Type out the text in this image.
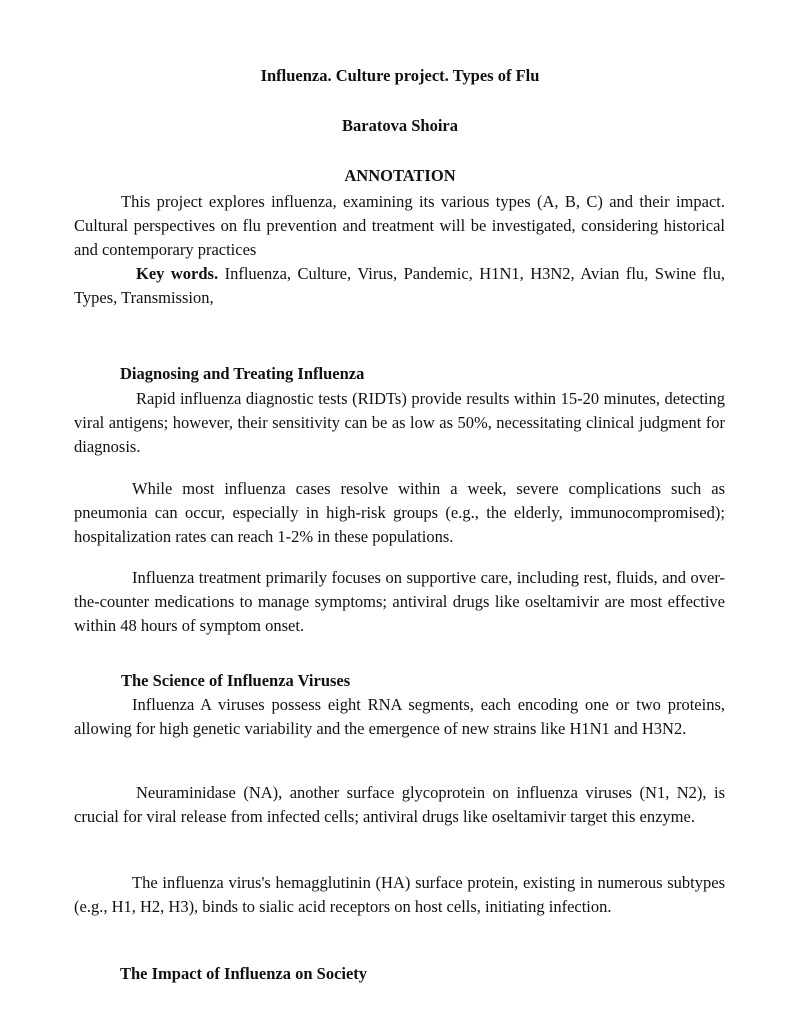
Influenza. Culture project. Types of Flu
Baratova Shoira
ANNOTATION
This project explores influenza, examining its various types (A, B, C) and their impact. Cultural perspectives on flu prevention and treatment will be investigated, considering historical and contemporary practices
Key words. Influenza, Culture, Virus, Pandemic, H1N1, H3N2, Avian flu, Swine flu, Types, Transmission,
Diagnosing and Treating Influenza
Rapid influenza diagnostic tests (RIDTs) provide results within 15-20 minutes, detecting viral antigens; however, their sensitivity can be as low as 50%, necessitating clinical judgment for diagnosis.
While most influenza cases resolve within a week, severe complications such as pneumonia can occur, especially in high-risk groups (e.g., the elderly, immunocompromised); hospitalization rates can reach 1-2% in these populations.
Influenza treatment primarily focuses on supportive care, including rest, fluids, and over-the-counter medications to manage symptoms; antiviral drugs like oseltamivir are most effective within 48 hours of symptom onset.
The Science of Influenza Viruses
Influenza A viruses possess eight RNA segments, each encoding one or two proteins, allowing for high genetic variability and the emergence of new strains like H1N1 and H3N2.
Neuraminidase (NA), another surface glycoprotein on influenza viruses (N1, N2), is crucial for viral release from infected cells; antiviral drugs like oseltamivir target this enzyme.
The influenza virus's hemagglutinin (HA) surface protein, existing in numerous subtypes (e.g., H1, H2, H3), binds to sialic acid receptors on host cells, initiating infection.
The Impact of Influenza on Society
